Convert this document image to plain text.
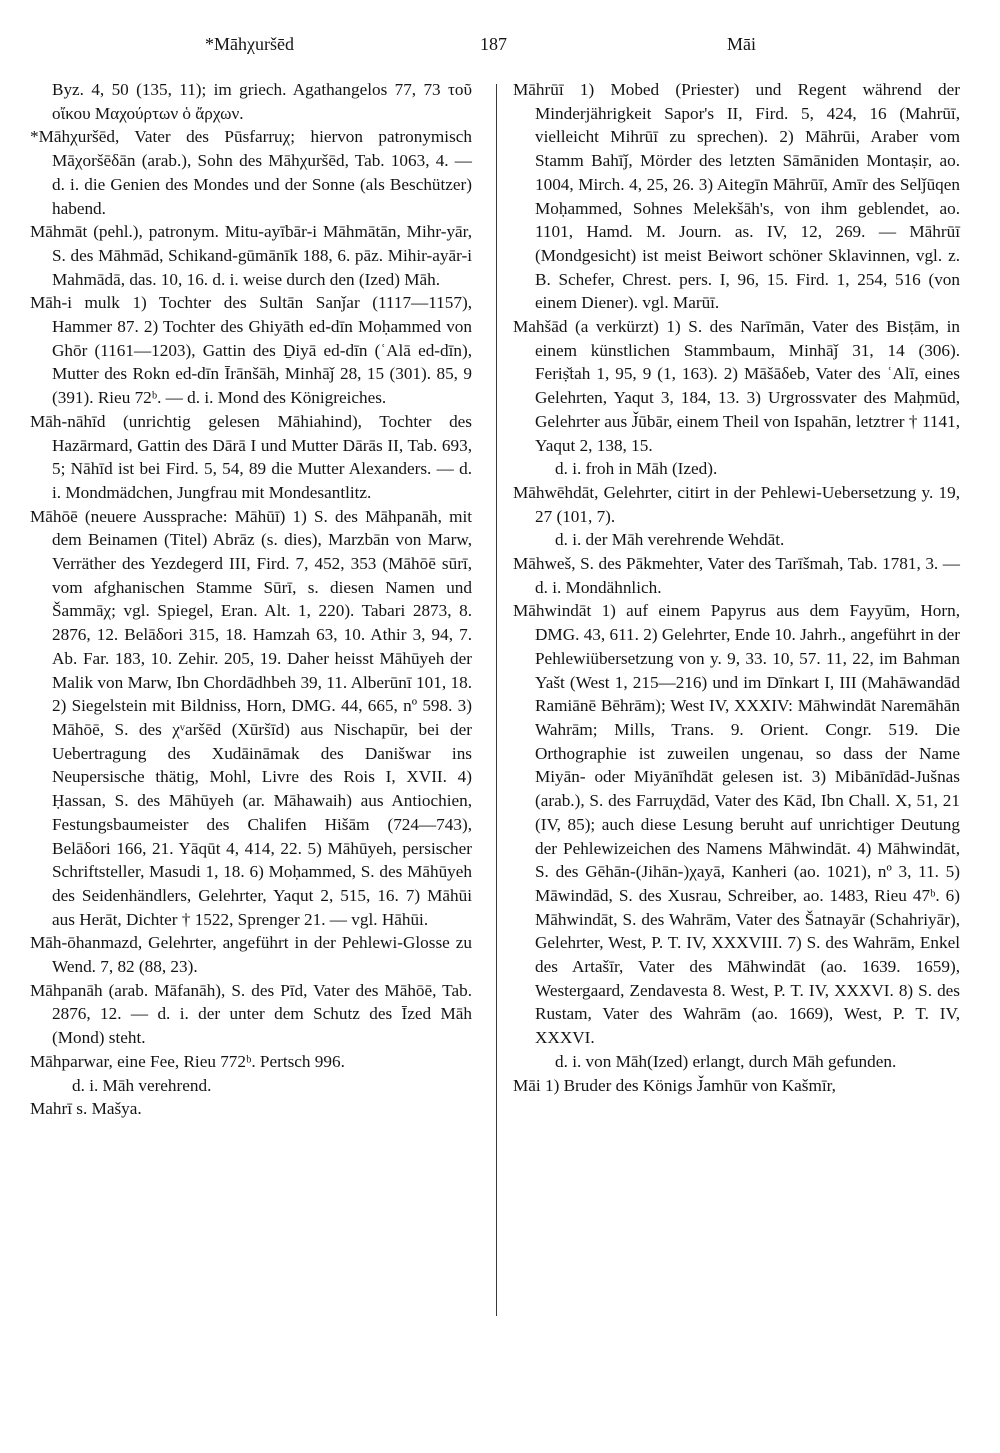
*Māhχuršēd	187	Māi

Byz. 4, 50 (135, 11); im griech. Agathangelos 77, 73 τοῦ οἴκου Μαχούρτων ὁ ἄρχων.

*Māhχuršēd, Vater des Pūsfarruχ; hiervon patronymisch Māχoršēδān (arab.), Sohn des Māhχuršēd, Tab. 1063, 4. — d. i. die Genien des Mondes und der Sonne (als Beschützer) habend.

Māhmāt (pehl.), patronym. Mitu-ayībār-i Māhmātān, Mihr-yār, S. des Māhmād, Schikand-gūmānīk 188, 6. pāz. Mihir-ayār-i Mahmādā, das. 10, 16. d. i. weise durch den (Ized) Māh.

Māh-i mulk 1) Tochter des Sultān Sanǰar (1117—1157), Hammer 87. 2) Tochter des Ghiyāth ed-dīn Moḥammed von Ghōr (1161—1203), Gattin des Ḏiyā ed-dīn (ʿAlā ed-dīn), Mutter des Rokn ed-dīn Īrānšāh, Minhāǰ 28, 15 (301). 85, 9 (391). Rieu 72ᵇ. — d. i. Mond des Königreiches.

Māh-nāhīd (unrichtig gelesen Māhiahind), Tochter des Hazārmard, Gattin des Dārā I und Mutter Dārās II, Tab. 693, 5; Nāhīd ist bei Fird. 5, 54, 89 die Mutter Alexanders. — d. i. Mondmädchen, Jungfrau mit Mondesantlitz.

Māhōē (neuere Aussprache: Māhūī) 1) S. des Māhpanāh, mit dem Beinamen (Titel) Abrāz (s. dies), Marzbān von Marw, Verräther des Yezdegerd III, Fird. 7, 452, 353 (Māhōē sūrī, vom afghanischen Stamme Sūrī, s. diesen Namen und Šammāχ; vgl. Spiegel, Eran. Alt. 1, 220). Tabari 2873, 8. 2876, 12. Belāδori 315, 18. Hamzah 63, 10. Athir 3, 94, 7. Ab. Far. 183, 10. Zehir. 205, 19. Daher heisst Māhūyeh der Malik von Marw, Ibn Chordādhbeh 39, 11. Alberūnī 101, 18. 2) Siegelstein mit Bildniss, Horn, DMG. 44, 665, nº 598. 3) Māhōē, S. des χᵛaršēd (Xūršīd) aus Nischapūr, bei der Uebertragung des Xudāināmak des Danišwar ins Neupersische thätig, Mohl, Livre des Rois I, XVII. 4) Ḥassan, S. des Māhūyeh (ar. Māhawaih) aus Antiochien, Festungsbaumeister des Chalifen Hišām (724—743), Belāδori 166, 21. Yāqūt 4, 414, 22. 5) Māhūyeh, persischer Schriftsteller, Masudi 1, 18. 6) Moḥammed, S. des Māhūyeh des Seidenhändlers, Gelehrter, Yaqut 2, 515, 16. 7) Māhūi aus Herāt, Dichter † 1522, Sprenger 21. — vgl. Hāhūi.

Māh-ōhanmazd, Gelehrter, angeführt in der Pehlewi-Glosse zu Wend. 7, 82 (88, 23).

Māhpanāh (arab. Māfanāh), S. des Pīd, Vater des Māhōē, Tab. 2876, 12. — d. i. der unter dem Schutz des Īzed Māh (Mond) steht.

Māhparwar, eine Fee, Rieu 772ᵇ. Pertsch 996.

d. i. Māh verehrend.

Mahrī s. Mašya.

Māhrūī 1) Mobed (Priester) und Regent während der Minderjährigkeit Sapor's II, Fird. 5, 424, 16 (Mahrūī, vielleicht Mihrūī zu sprechen). 2) Māhrūi, Araber vom Stamm Bahīǰ, Mörder des letzten Sāmāniden Montaṣir, ao. 1004, Mirch. 4, 25, 26. 3) Aitegīn Māhrūī, Amīr des Selǰūqen Moḥammed, Sohnes Melekšāh's, von ihm geblendet, ao. 1101, Hamd. M. Journ. as. IV, 12, 269. — Māhrūī (Mondgesicht) ist meist Beiwort schöner Sklavinnen, vgl. z. B. Schefer, Chrest. pers. I, 96, 15. Fird. 1, 254, 516 (von einem Diener). vgl. Marūī.

Mahšād (a verkürzt) 1) S. des Narīmān, Vater des Bisṭām, in einem künstlichen Stammbaum, Minhāǰ 31, 14 (306). Feriṣ̌tah 1, 95, 9 (1, 163). 2) Māšāδeb, Vater des ʿAlī, eines Gelehrten, Yaqut 3, 184, 13. 3) Urgrossvater des Maḥmūd, Gelehrter aus J̌ūbār, einem Theil von Ispahān, letztrer † 1141, Yaqut 2, 138, 15.

d. i. froh in Māh (Ized).

Māhwēhdāt, Gelehrter, citirt in der Pehlewi-Uebersetzung y. 19, 27 (101, 7).

d. i. der Māh verehrende Wehdāt.

Māhweš, S. des Pākmehter, Vater des Tarīšmah, Tab. 1781, 3. — d. i. Mondähnlich.

Māhwindāt 1) auf einem Papyrus aus dem Fayyūm, Horn, DMG. 43, 611. 2) Gelehrter, Ende 10. Jahrh., angeführt in der Pehlewiübersetzung von y. 9, 33. 10, 57. 11, 22, im Bahman Yašt (West 1, 215—216) und im Dīnkart I, III (Mahāwandād Ramiānē Bēhrām); West IV, XXXIV: Māhwindāt Naremāhān Wahrām; Mills, Trans. 9. Orient. Congr. 519. Die Orthographie ist zuweilen ungenau, so dass der Name Miyān- oder Miyānīhdāt gelesen ist. 3) Mibānīdād-Jušnas (arab.), S. des Farruχdād, Vater des Kād, Ibn Chall. X, 51, 21 (IV, 85); auch diese Lesung beruht auf unrichtiger Deutung der Pehlewizeichen des Namens Māhwindāt. 4) Māhwindāt, S. des Gēhān-(Jihān-)χayā, Kanheri (ao. 1021), nº 3, 11. 5) Māwindād, S. des Xusrau, Schreiber, ao. 1483, Rieu 47ᵇ. 6) Māhwindāt, S. des Wahrām, Vater des Šatnayār (Schahriyār), Gelehrter, West, P. T. IV, XXXVIII. 7) S. des Wahrām, Enkel des Artašīr, Vater des Māhwindāt (ao. 1639. 1659), Westergaard, Zendavesta 8. West, P. T. IV, XXXVI. 8) S. des Rustam, Vater des Wahrām (ao. 1669), West, P. T. IV, XXXVI.

d. i. von Māh(Ized) erlangt, durch Māh gefunden.

Māi 1) Bruder des Königs J̌amhūr von Kašmīr,
